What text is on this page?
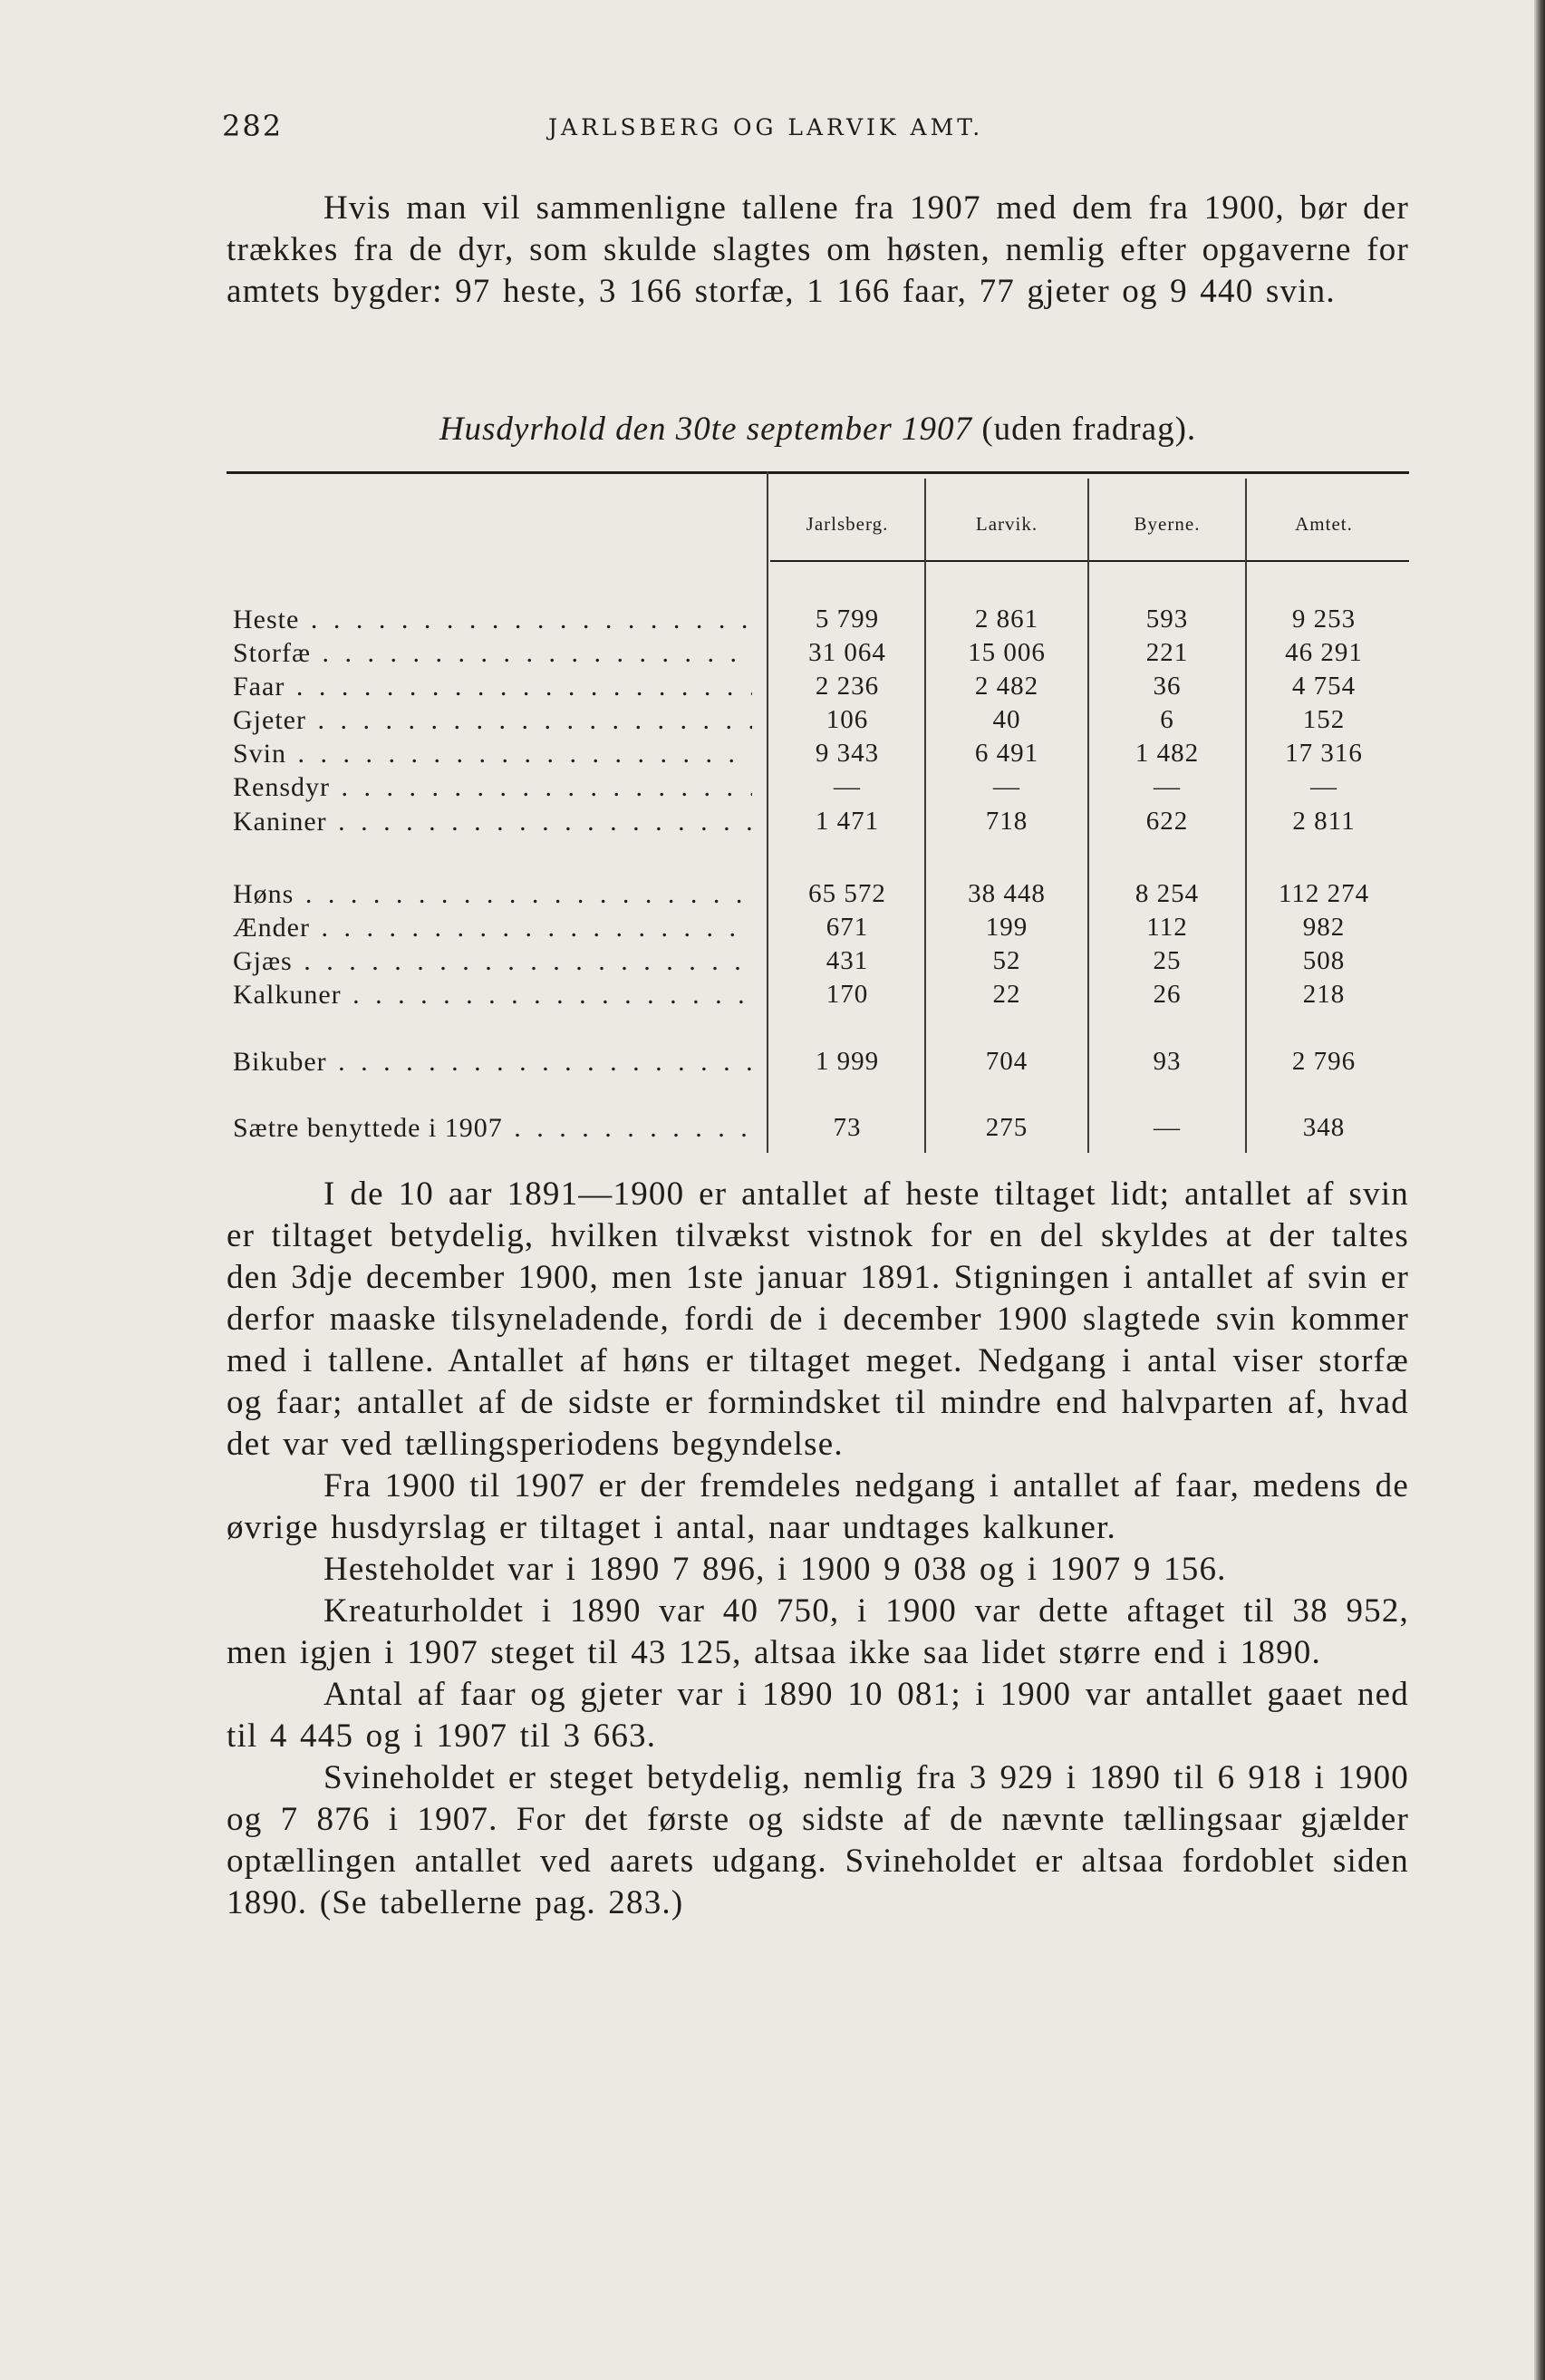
282	JARLSBERG OG LARVIK AMT.

Hvis man vil sammenligne tallene fra 1907 med dem fra 1900, bør der trækkes fra de dyr, som skulde slagtes om høsten, nemlig efter opgaverne for amtets bygder: 97 heste, 3 166 storfæ, 1 166 faar, 77 gjeter og 9 440 svin.

Husdyrhold den 30te september 1907 (uden fradrag).
Jarlsberg.	Larvik.	Byerne.	Amtet.
Heste . . .	5 799	2 861	593	9 253
Storfæ . . .	31 064	15 006	221	46 291
Faar . . .	2 236	2 482	36	4 754
Gjeter . . .	106	40	6	152
Svin . . .	9 343	6 491	1 482	17 316
Rensdyr . . .	—	—	—	—
Kaniner . . .	1 471	718	622	2 811
Høns . . .	65 572	38 448	8 254	112 274
Ænder . . .	671	199	112	982
Gjæs . . .	431	52	25	508
Kalkuner . . .	170	22	26	218
Bikuber . . .	1 999	704	93	2 796
Sætre benyttede i 1907 . . .	73	275	—	348

I de 10 aar 1891—1900 er antallet af heste tiltaget lidt; antallet af svin er tiltaget betydelig, hvilken tilvækst vistnok for en del skyldes at der taltes den 3dje december 1900, men 1ste januar 1891. Stigningen i antallet af svin er derfor maaske tilsyneladende, fordi de i december 1900 slagtede svin kommer med i tallene. Antallet af høns er tiltaget meget. Nedgang i antal viser storfæ og faar; antallet af de sidste er formindsket til mindre end halvparten af, hvad det var ved tællingsperiodens begyndelse.

Fra 1900 til 1907 er der fremdeles nedgang i antallet af faar, medens de øvrige husdyrslag er tiltaget i antal, naar undtages kalkuner.

Hesteholdet var i 1890 7 896, i 1900 9 038 og i 1907 9 156.

Kreaturholdet i 1890 var 40 750, i 1900 var dette aftaget til 38 952, men igjen i 1907 steget til 43 125, altsaa ikke saa lidet større end i 1890.

Antal af faar og gjeter var i 1890 10 081; i 1900 var antallet gaaet ned til 4 445 og i 1907 til 3 663.

Svineholdet er steget betydelig, nemlig fra 3 929 i 1890 til 6 918 i 1900 og 7 876 i 1907. For det første og sidste af de nævnte tællingsaar gjælder optællingen antallet ved aarets udgang. Svineholdet er altsaa fordoblet siden 1890. (Se tabellerne pag. 283.)
